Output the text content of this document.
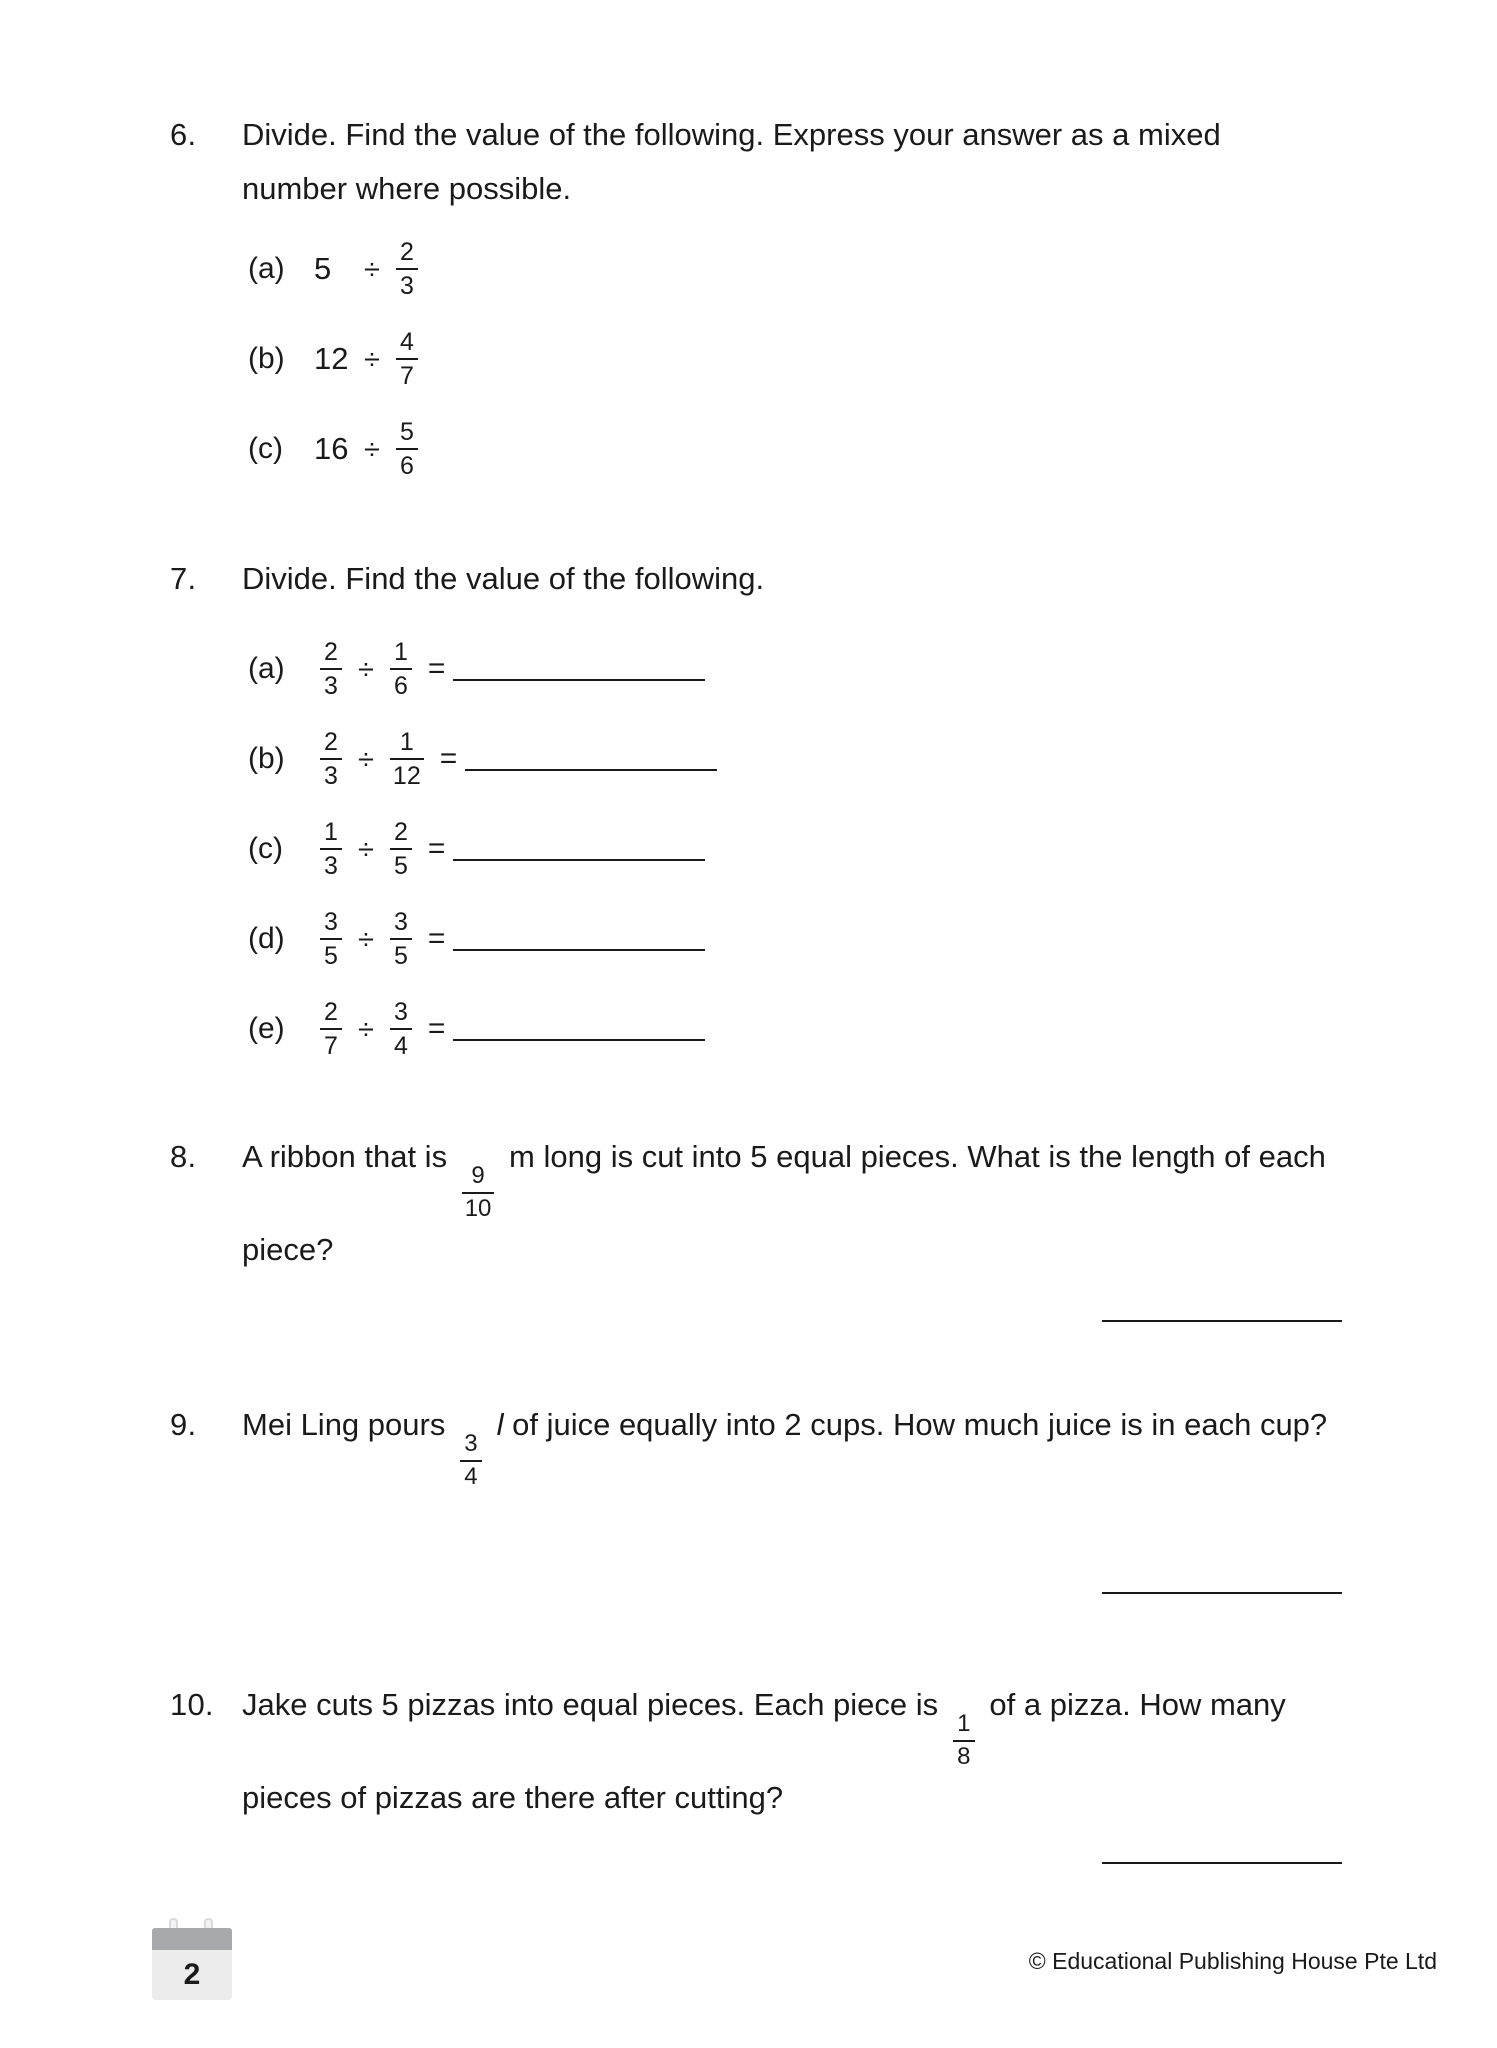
6.	Divide. Find the value of the following. Express your answer as a mixed number where possible.
(a) 5	÷ $\frac{2}{3}$
(b) $12 \div \frac{4}{7}$
(c)	$16 \div \frac{5}{6}$
7.	Divide. Find the value of the following.
(a)	$\frac{2}{3} \div \frac{1}{6}$ =
(b)	$\frac{2}{3} \div \frac{1}{12}$ =
(c)	$\frac{1}{3} \div \frac{2}{5}$ =
(d)	$\frac{3}{5} \div \frac{3}{5}$ =
(e)	$\frac{2}{7} \div \frac{3}{4}$ =
8.	A ribbon that is
$\frac{9}{10}$
m long is cut into 5 equal pieces. What is the length of each piece?
9.	Mei Ling pours
$\frac{3}{4}$
l of juice equally into 2 cups. How much juice is in each cup?
10. Jake cuts 5 pizzas into equal pieces. Each piece is
$\frac{1}{8}$
of a pizza. How many pieces of pizzas are there after cutting?
2	© Educational Publishing House Pte Ltd
